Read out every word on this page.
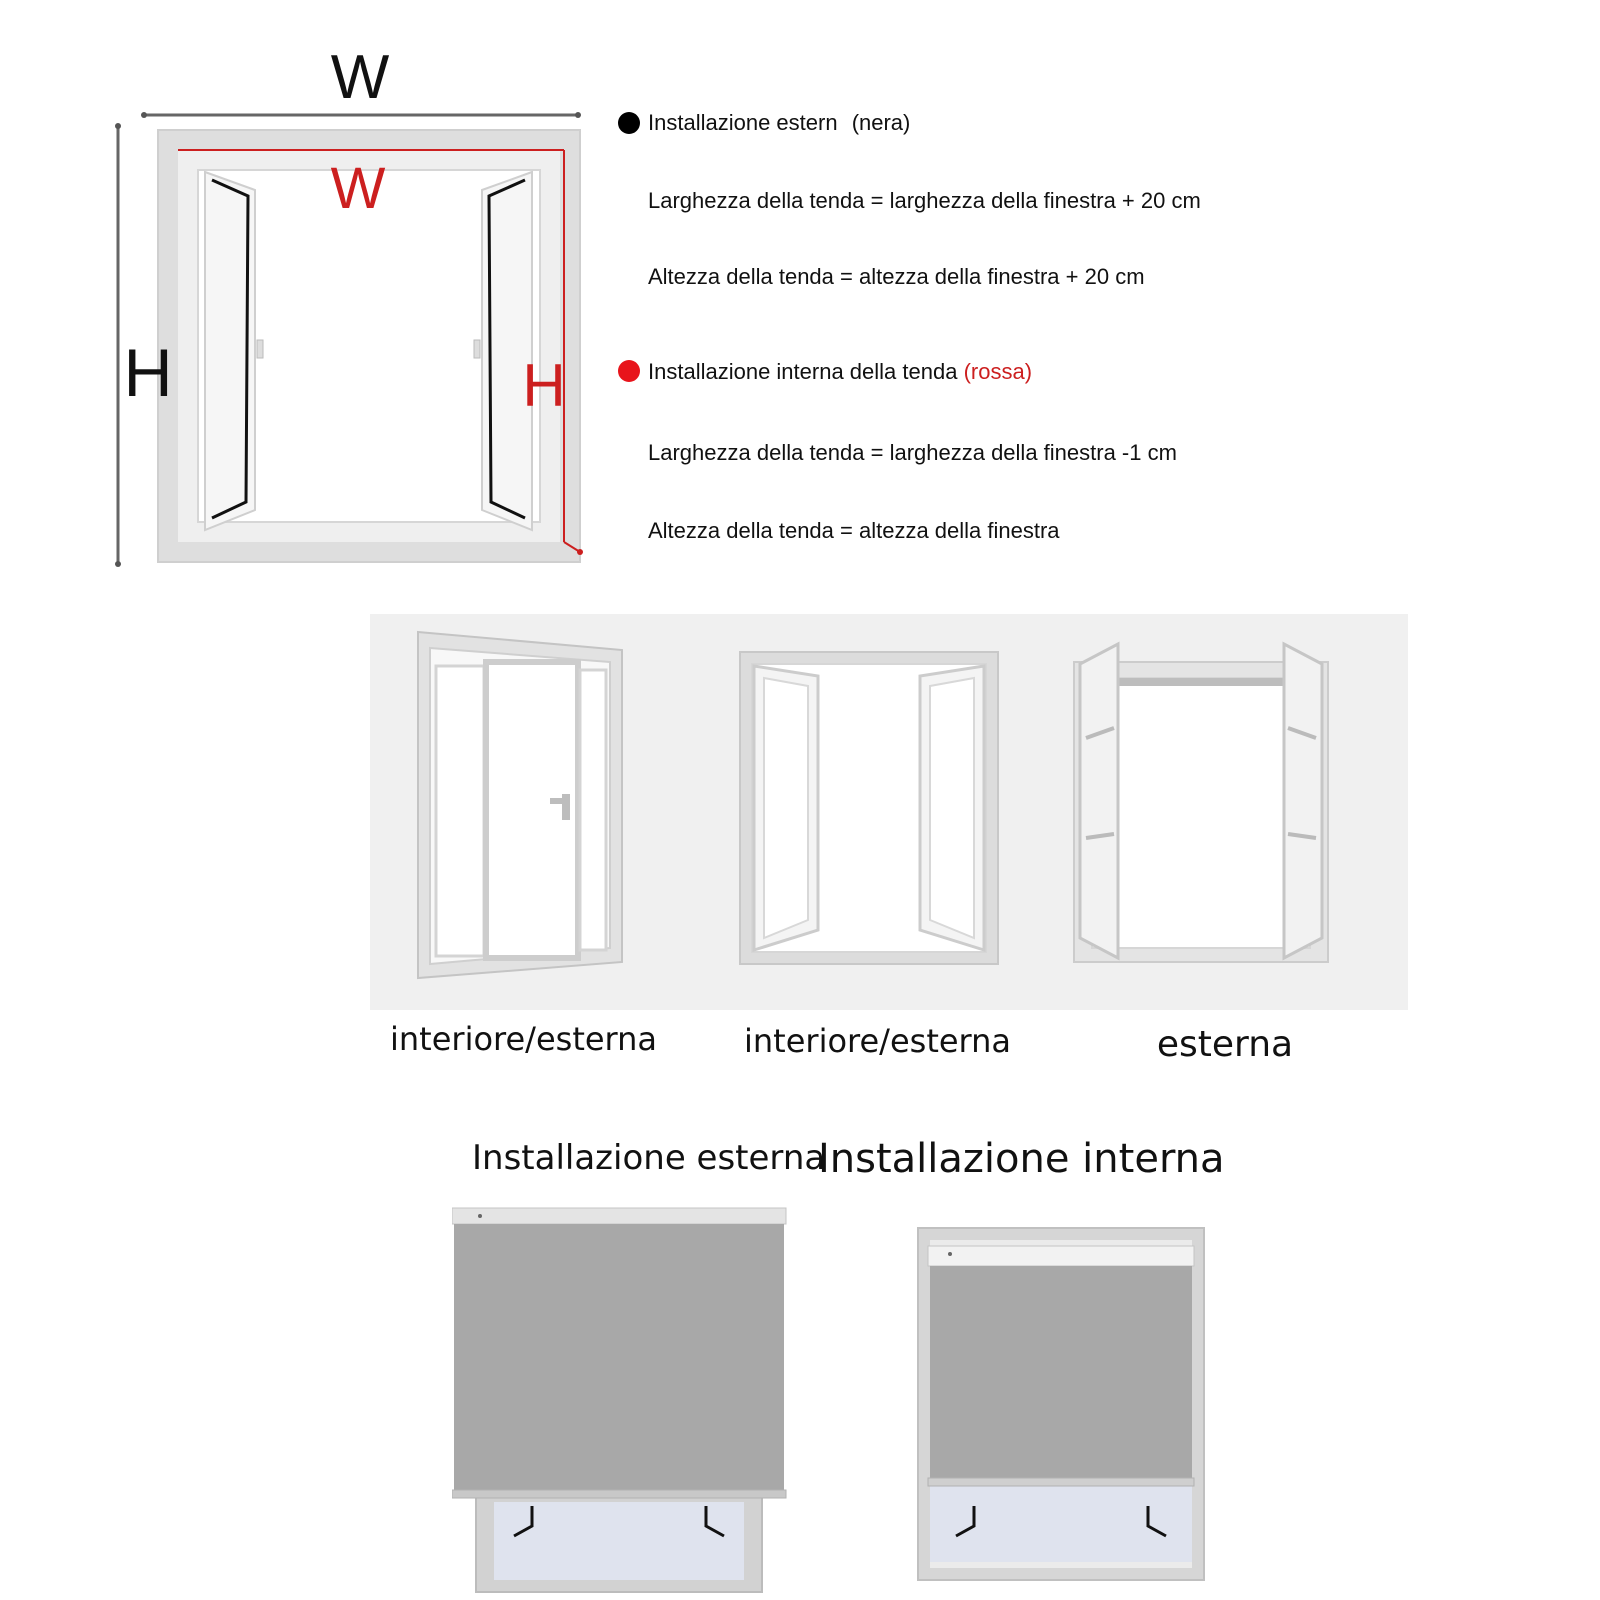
W
H
W
H
Installazione estern (nera)
Larghezza della tenda = larghezza della finestra + 20 cm
Altezza della tenda = altezza della finestra + 20 cm
Installazione interna della tenda (rossa)
Larghezza della tenda = larghezza della finestra -1 cm
Altezza della tenda = altezza della finestra
interiore/esterna	interiore/esterna	esterna
Installazione esterna
Installazione interna
